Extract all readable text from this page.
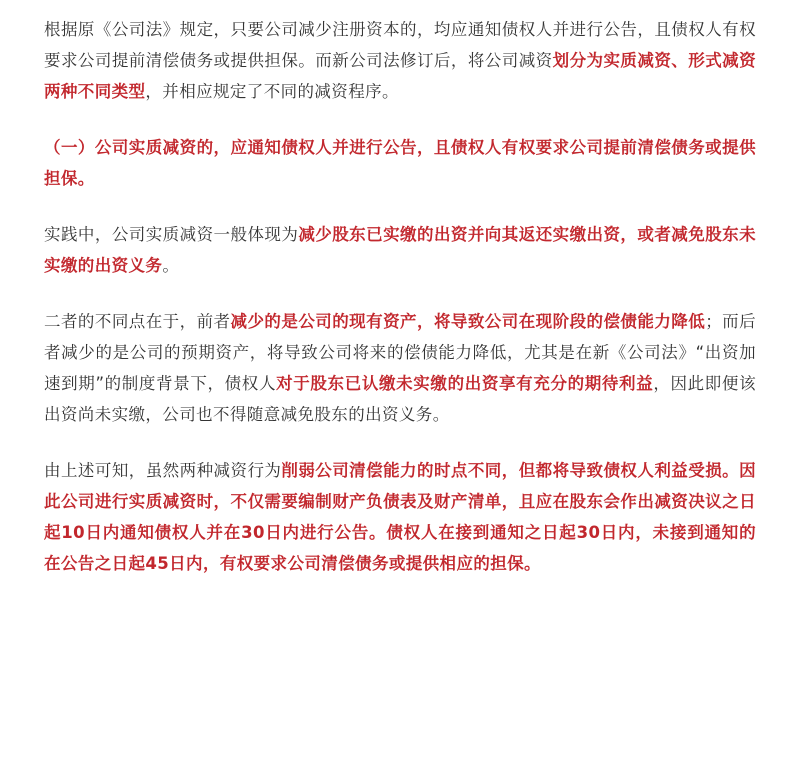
根据原《公司法》规定，只要公司减少注册资本的，均应通知债权人并进行公告，且债权人有权要求公司提前清偿债务或提供担保。而新公司法修订后，将公司减资划分为实质减资、形式减资两种不同类型，并相应规定了不同的减资程序。

（一）公司实质减资的，应通知债权人并进行公告，且债权人有权要求公司提前清偿债务或提供担保。

实践中，公司实质减资一般体现为减少股东已实缴的出资并向其返还实缴出资，或者减免股东未实缴的出资义务。

二者的不同点在于，前者减少的是公司的现有资产，将导致公司在现阶段的偿债能力降低；而后者减少的是公司的预期资产，将导致公司将来的偿债能力降低，尤其是在新《公司法》“出资加速到期”的制度背景下，债权人对于股东已认缴未实缴的出资享有充分的期待利益，因此即便该出资尚未实缴，公司也不得随意减免股东的出资义务。

由上述可知，虽然两种减资行为削弱公司清偿能力的时点不同，但都将导致债权人利益受损。因此公司进行实质减资时，不仅需要编制财产负债表及财产清单，且应在股东会作出减资决议之日起10日内通知债权人并在30日内进行公告。债权人在接到通知之日起30日内，未接到通知的在公告之日起45日内，有权要求公司清偿债务或提供相应的担保。
